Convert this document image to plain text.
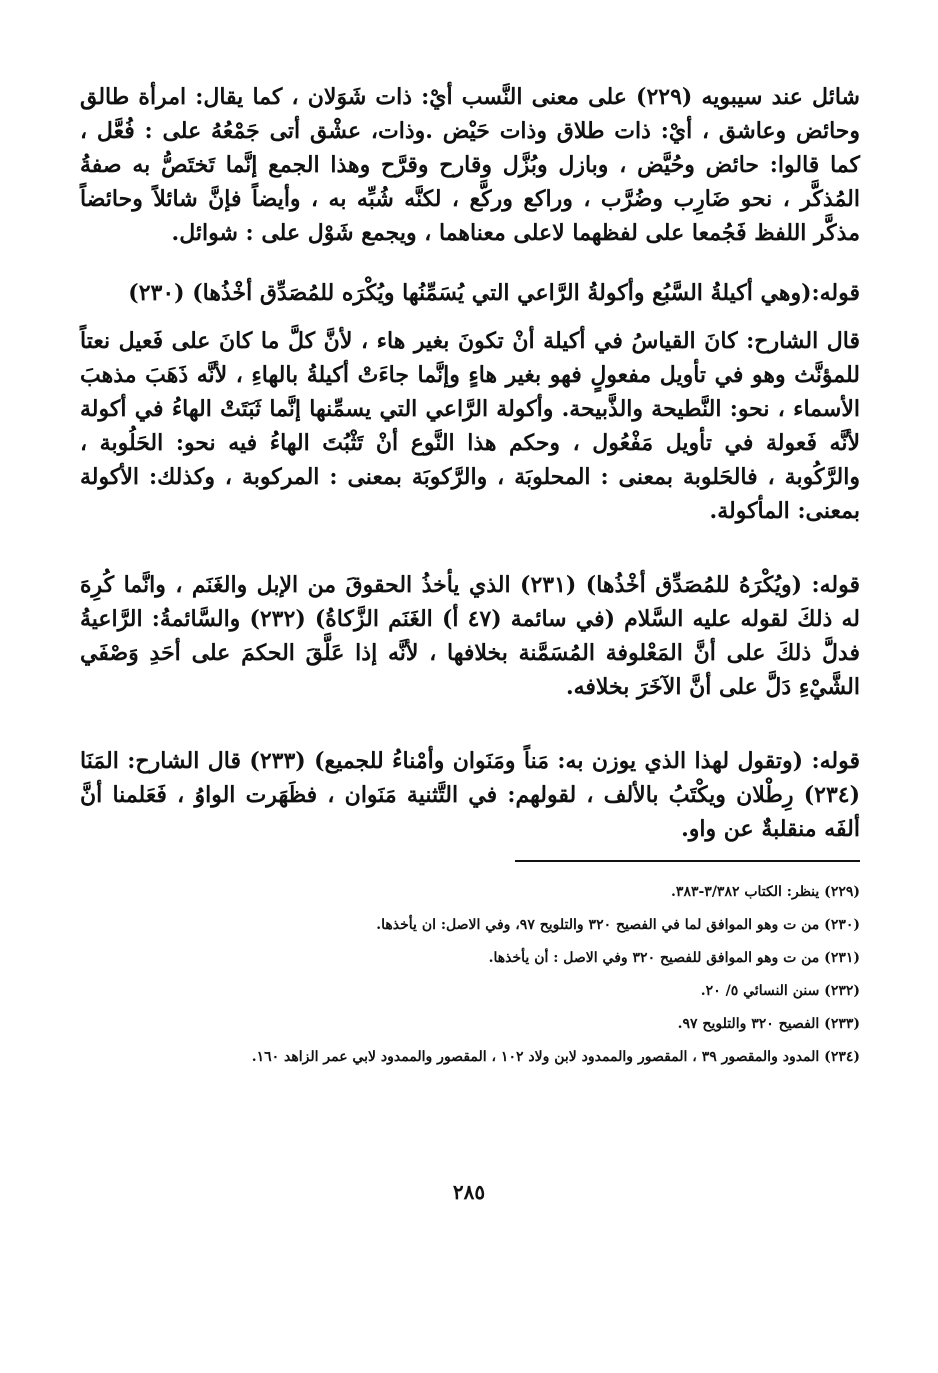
شائل عند سيبويه (٢٢٩) على معنى النَّسب أيْ: ذات شَوَلان ، كما يقال: امرأة طالق وحائض وعاشق ، أيْ: ذات طلاق وذات حَيْض .وذات، عشْق أتى جَمْعُهُ على : فُعَّل ، كما قالوا: حائض وحُيَّض ، وبازل وبُزَّل وقارح وقرَّح وهذا الجمع إنَّما تَختَصُّ به صفةُ المُذكَّر ، نحو ضَارِب وضُرَّب ، وراكع وركَّع ، لكنَّه شُبِّه به ، وأيضاً فإنَّ شائلاً وحائضاً مذكَّر اللفظ فَجُمعا على لفظهما لاعلى معناهما ، ويجمع شَوْل على : شوائل.

قوله:(وهي أكيلةُ السَّبُع وأكولةُ الرَّاعي التي يُسَمِّنُها ويُكْرَه للمُصَدِّق أخْذُها) (٢٣٠)

قال الشارح: كانَ القياسُ في أكيلة أنْ تكونَ بغير هاء ، لأنَّ كلَّ ما كانَ على فَعيل نعتاً للمؤنَّث وهو في تأويل مفعولٍ فهو بغير هاءٍ وإنَّما جاءَتْ أكيلةُ بالهاءِ ، لأنَّه ذَهَبَ مذهبَ الأسماء ، نحو: النَّطيحة والذَّبيحة. وأكولة الرَّاعي التي يسمِّنها إنَّما ثَبَتَتْ الهاءُ في أكولة لأنَّه فَعولة في تأويل مَفْعُول ، وحكم هذا النَّوع أنْ تَثْبُتَ الهاءُ فيه نحو: الحَلُوبة ، والرَّكُوبة ، فالحَلوبة بمعنى : المحلوبَة ، والرَّكوبَة بمعنى : المركوبة ، وكذلك: الأكولة بمعنى: المأكولة.

قوله: (ويُكْرَهُ للمُصَدِّق أخْذُها) (٢٣١) الذي يأخذُ الحقوقَ من الإبل والغَنَم ، وانَّما كُرِهَ له ذلكَ لقوله عليه السَّلام (في سائمة (٤٧ أ) الغَنَم الزَّكاةُ) (٢٣٢) والسَّائمةُ: الرَّاعيةُ فدلَّ ذلكَ على أنَّ المَعْلوفة المُسَمَّنة بخلافها ، لأنَّه إذا عَلَّقَ الحكمَ على أحَدِ وَصْفَي الشَّيْءِ دَلَّ على أنَّ الآخَرَ بخلافه.

قوله: (وتقول لهذا الذي يوزن به: مَناً ومَنَوان وأمْناءُ للجميع) (٢٣٣) قال الشارح: المَنَا (٢٣٤) رِطْلان ويكْتَبُ بالألف ، لقولهم: في التَّثنية مَنَوان ، فظَهَرت الواوُ ، فَعَلمنا أنَّ ألفَه منقلبةٌ عن واو.

(٢٢٩) ينظر: الكتاب ٣/٣٨٢-٣٨٣.

(٢٣٠) من ت وهو الموافق لما في الفصيح ٣٢٠ والتلويح ٩٧، وفي الاصل: ان يأخذها.

(٢٣١) من ت وهو الموافق للفصيح ٣٢٠ وفي الاصل : أن يأخذها.

(٢٣٢) سنن النسائي ٥/ ٢٠.

(٢٣٣) الفصيح ٣٢٠ والتلويح ٩٧.

(٢٣٤) المدود والمقصور ٣٩ ، المقصور والممدود لابن ولاد ١٠٢ ، المقصور والممدود لابي عمر الزاهد ١٦٠.

٢٨٥
